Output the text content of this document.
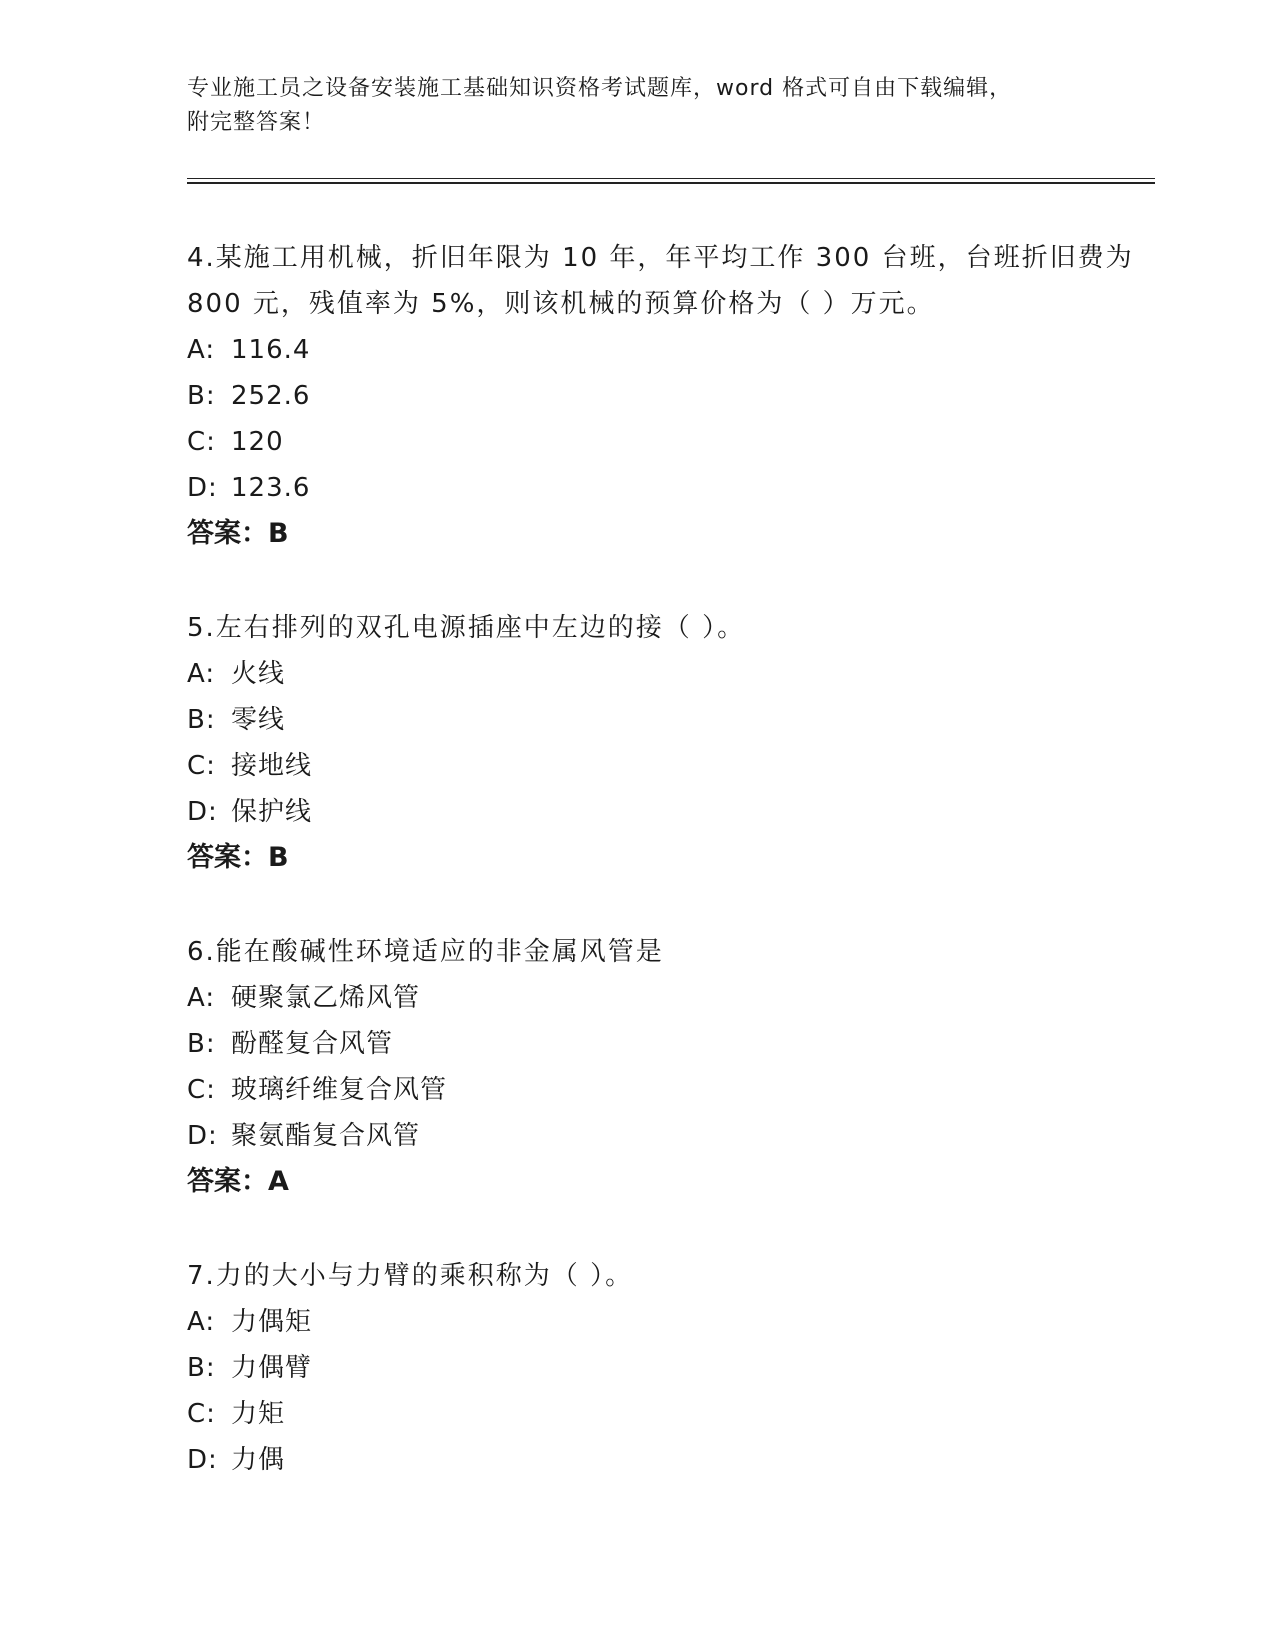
专业施工员之设备安装施工基础知识资格考试题库，word 格式可自由下载编辑，
附完整答案！

4.某施工用机械，折旧年限为 10 年，年平均工作 300 台班，台班折旧费为 800 元，残值率为 5%，则该机械的预算价格为（ ）万元。

A: 116.4

B: 252.6

C: 120

D: 123.6

答案：B

5.左右排列的双孔电源插座中左边的接（ ）。

A: 火线

B: 零线

C: 接地线

D: 保护线

答案：B

6.能在酸碱性环境适应的非金属风管是

A: 硬聚氯乙烯风管

B: 酚醛复合风管

C: 玻璃纤维复合风管

D: 聚氨酯复合风管

答案：A

7.力的大小与力臂的乘积称为（ ）。

A: 力偶矩

B: 力偶臂

C: 力矩

D: 力偶
